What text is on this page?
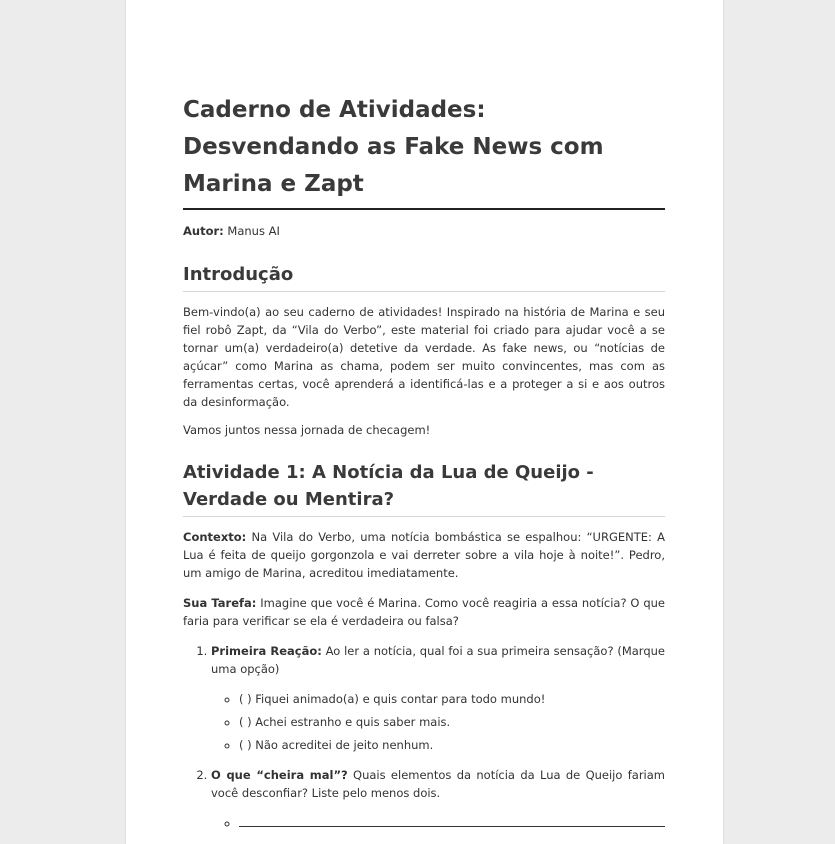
Caderno de Atividades: Desvendando as Fake News com Marina e Zapt
Autor: Manus AI
Introdução

Bem-vindo(a) ao seu caderno de atividades! Inspirado na história de Marina e seu fiel robô Zapt, da “Vila do Verbo”, este material foi criado para ajudar você a se tornar um(a) verdadeiro(a) detetive da verdade. As fake news, ou “notícias de açúcar” como Marina as chama, podem ser muito convincentes, mas com as ferramentas certas, você aprenderá a identificá-las e a proteger a si e aos outros da desinformação.

Vamos juntos nessa jornada de checagem!

Atividade 1: A Notícia da Lua de Queijo - Verdade ou Mentira?

Contexto: Na Vila do Verbo, uma notícia bombástica se espalhou: “URGENTE: A Lua é feita de queijo gorgonzola e vai derreter sobre a vila hoje à noite!”. Pedro, um amigo de Marina, acreditou imediatamente.

Sua Tarefa: Imagine que você é Marina. Como você reagiria a essa notícia? O que faria para verificar se ela é verdadeira ou falsa?

1. Primeira Reação: Ao ler a notícia, qual foi a sua primeira sensação? (Marque uma opção)
◦ ( ) Fiquei animado(a) e quis contar para todo mundo!
◦ ( ) Achei estranho e quis saber mais.
◦ ( ) Não acreditei de jeito nenhum.
2. O que “cheira mal”? Quais elementos da notícia da Lua de Queijo fariam você desconfiar? Liste pelo menos dois.
◦
